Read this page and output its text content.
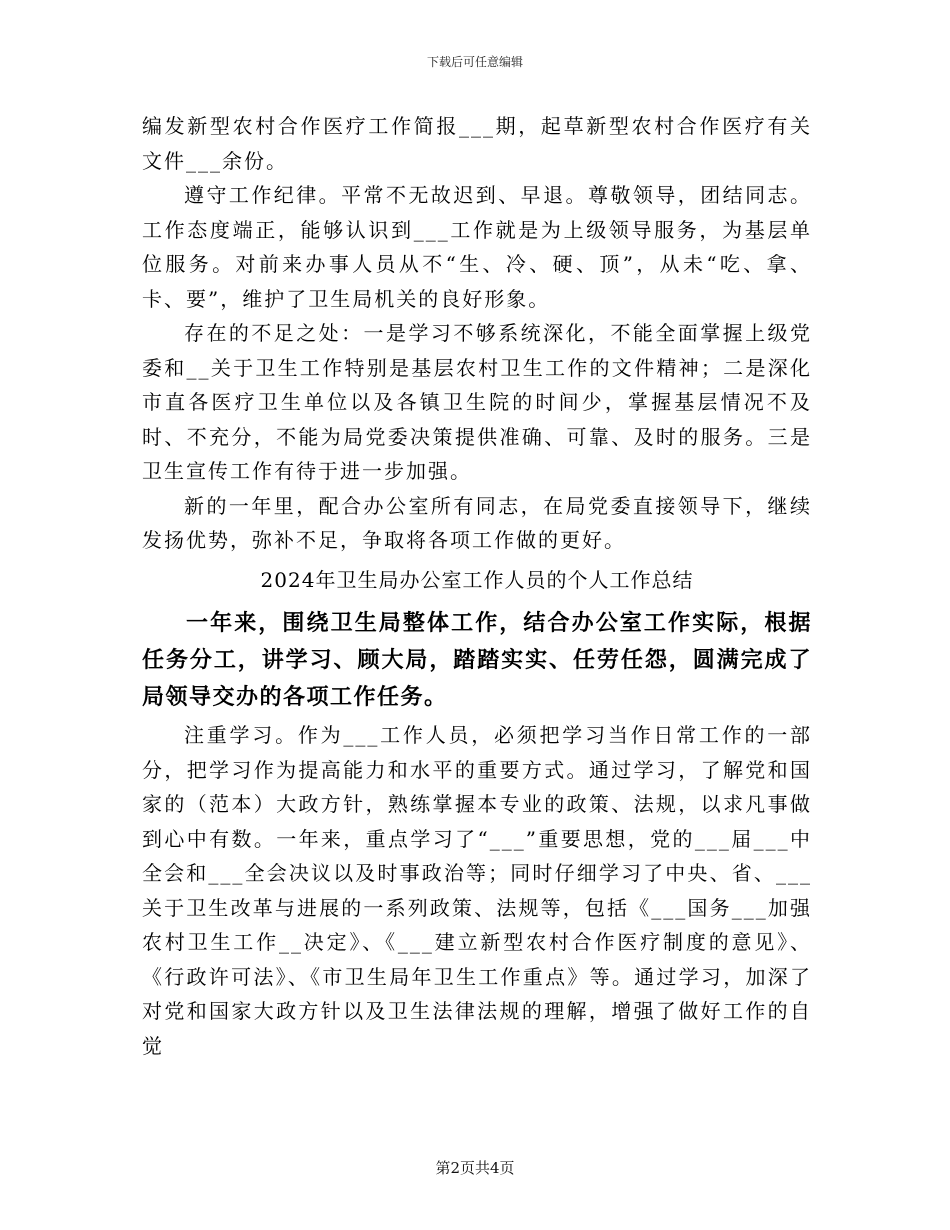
下载后可任意编辑

编发新型农村合作医疗工作简报___期，起草新型农村合作医疗有关文件___余份。

遵守工作纪律。平常不无故迟到、早退。尊敬领导，团结同志。工作态度端正，能够认识到___工作就是为上级领导服务，为基层单位服务。对前来办事人员从不“生、冷、硬、顶”，从未“吃、拿、卡、要”，维护了卫生局机关的良好形象。

存在的不足之处：一是学习不够系统深化，不能全面掌握上级党委和__关于卫生工作特别是基层农村卫生工作的文件精神；二是深化市直各医疗卫生单位以及各镇卫生院的时间少，掌握基层情况不及时、不充分，不能为局党委决策提供准确、可靠、及时的服务。三是卫生宣传工作有待于进一步加强。

新的一年里，配合办公室所有同志，在局党委直接领导下，继续发扬优势，弥补不足，争取将各项工作做的更好。

2024年卫生局办公室工作人员的个人工作总结

一年来，围绕卫生局整体工作，结合办公室工作实际，根据任务分工，讲学习、顾大局，踏踏实实、任劳任怨，圆满完成了局领导交办的各项工作任务。

注重学习。作为___工作人员，必须把学习当作日常工作的一部分，把学习作为提高能力和水平的重要方式。通过学习，了解党和国家的（范本）大政方针，熟练掌握本专业的政策、法规，以求凡事做到心中有数。一年来，重点学习了“___”重要思想，党的___届___中全会和___全会决议以及时事政治等；同时仔细学习了中央、省、___关于卫生改革与进展的一系列政策、法规等，包括《___国务___加强农村卫生工作__决定》、《___建立新型农村合作医疗制度的意见》、《行政许可法》、《市卫生局年卫生工作重点》等。通过学习，加深了对党和国家大政方针以及卫生法律法规的理解，增强了做好工作的自觉

第2页共4页
